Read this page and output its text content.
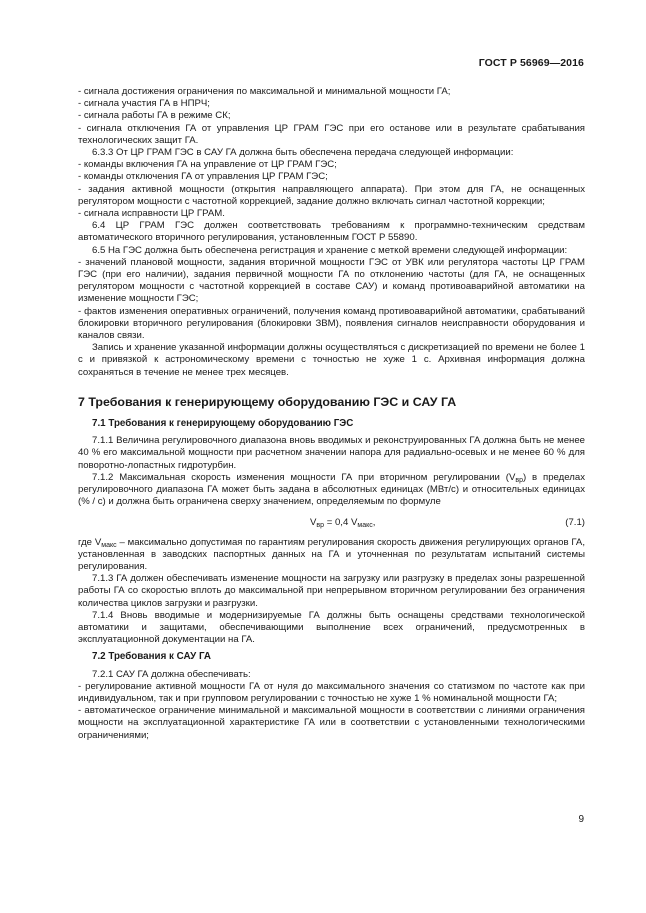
ГОСТ Р 56969—2016

- сигнала достижения ограничения по максимальной и минимальной мощности ГА;

- сигнала участия ГА в НПРЧ;

- сигнала работы ГА в режиме СК;

- сигнала отключения ГА от управления ЦР ГРАМ ГЭС при его останове или в результате срабатывания технологических защит ГА.

6.3.3 От ЦР ГРАМ ГЭС в САУ ГА должна быть обеспечена передача следующей информации:

- команды включения ГА на управление от ЦР ГРАМ ГЭС;

- команды отключения ГА от управления ЦР ГРАМ ГЭС;

- задания активной мощности (открытия направляющего аппарата). При этом для ГА, не оснащенных регулятором мощности с частотной коррекцией, задание должно включать сигнал частотной коррекции;

- сигнала исправности ЦР ГРАМ.

6.4 ЦР ГРАМ ГЭС должен соответствовать требованиям к программно-техническим средствам автоматического вторичного регулирования, установленным ГОСТ Р 55890.

6.5 На ГЭС должна быть обеспечена регистрация и хранение с меткой времени следующей информации:

- значений плановой мощности, задания вторичной мощности ГЭС от УВК или регулятора частоты ЦР ГРАМ ГЭС (при его наличии), задания первичной мощности ГА по отклонению частоты (для ГА, не оснащенных регулятором мощности с частотной коррекцией в составе САУ) и команд противоаварийной автоматики на изменение мощности ГЭС;

- фактов изменения оперативных ограничений, получения команд противоаварийной автоматики, срабатываний блокировки вторичного регулирования (блокировки ЗВМ), появления сигналов неисправности оборудования и каналов связи.

Запись и хранение указанной информации должны осуществляться с дискретизацией по времени не более 1 с и привязкой к астрономическому времени с точностью не хуже 1 с. Архивная информация должна сохраняться в течение не менее трех месяцев.

7 Требования к генерирующему оборудованию ГЭС и САУ ГА
7.1 Требования к генерирующему оборудованию ГЭС

7.1.1 Величина регулировочного диапазона вновь вводимых и реконструированных ГА должна быть не менее 40 % его максимальной мощности при расчетном значении напора для радиально-осевых и не менее 60 % для поворотно-лопастных гидротурбин.

7.1.2 Максимальная скорость изменения мощности ГА при вторичном регулировании $(V_{вр})$ в пределах регулировочного диапазона ГА может быть задана в абсолютных единицах (МВт/с) и относительных единицах (% / с) и должна быть ограничена сверху значением, определяемым по формуле

$V_{вр} = 0,4$ $V_{макс}$,	(7.1)

где $V_{макс}$ – максимально допустимая по гарантиям регулирования скорость движения регулирующих органов ГА, установленная в заводских паспортных данных на ГА и уточненная по результатам испытаний системы регулирования.

7.1.3 ГА должен обеспечивать изменение мощности на загрузку или разгрузку в пределах зоны разрешенной работы ГА со скоростью вплоть до максимальной при непрерывном вторичном регулировании без ограничения количества циклов загрузки и разгрузки.

7.1.4 Вновь вводимые и модернизируемые ГА должны быть оснащены средствами технологической автоматики и защитами, обеспечивающими выполнение всех ограничений, предусмотренных в эксплуатационной документации на ГА.

7.2 Требования к САУ ГА

7.2.1 САУ ГА должна обеспечивать:

- регулирование активной мощности ГА от нуля до максимального значения со статизмом по частоте как при индивидуальном, так и при групповом регулировании с точностью не хуже 1 % номинальной мощности ГА;

- автоматическое ограничение минимальной и максимальной мощности в соответствии с линиями ограничения мощности на эксплуатационной характеристике ГА или в соответствии с установленными технологическими ограничениями;

9
